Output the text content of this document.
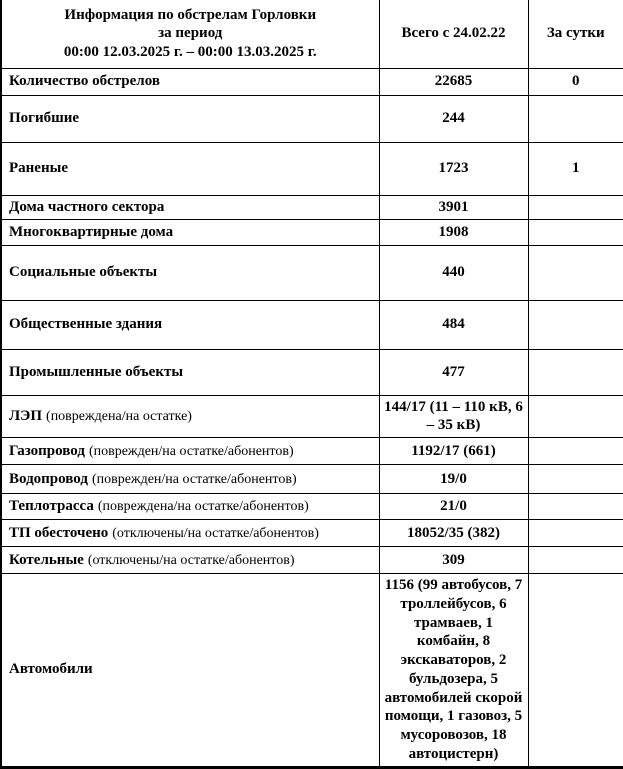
Информация по обстрелам Горловки
за период
00:00 12.03.2025 г. – 00:00 13.03.2025 г.	Всего с 24.02.22	За сутки
Количество обстрелов	22685	0
Погибшие	244	
Раненые	1723	1
Дома частного сектора	3901	
Многоквартирные дома	1908	
Социальные объекты	440	
Общественные здания	484	
Промышленные объекты	477	
ЛЭП (повреждена/на остатке)	144/17 (11 – 110 кВ, 6 – 35 кВ)	
Газопровод (поврежден/на остатке/абонентов)	1192/17 (661)	
Водопровод (поврежден/на остатке/абонентов)	19/0	
Теплотрасса (повреждена/на остатке/абонентов)	21/0	
ТП обесточено (отключены/на остатке/абонентов)	18052/35 (382)	
Котельные (отключены/на остатке/абонентов)	309	
Автомобили	1156 (99 автобусов, 7 троллейбусов, 6 трамваев, 1 комбайн, 8 экскаваторов, 2 бульдозера, 5 автомобилей скорой помощи, 1 газовоз, 5 мусоровозов, 18 автоцистерн)	
